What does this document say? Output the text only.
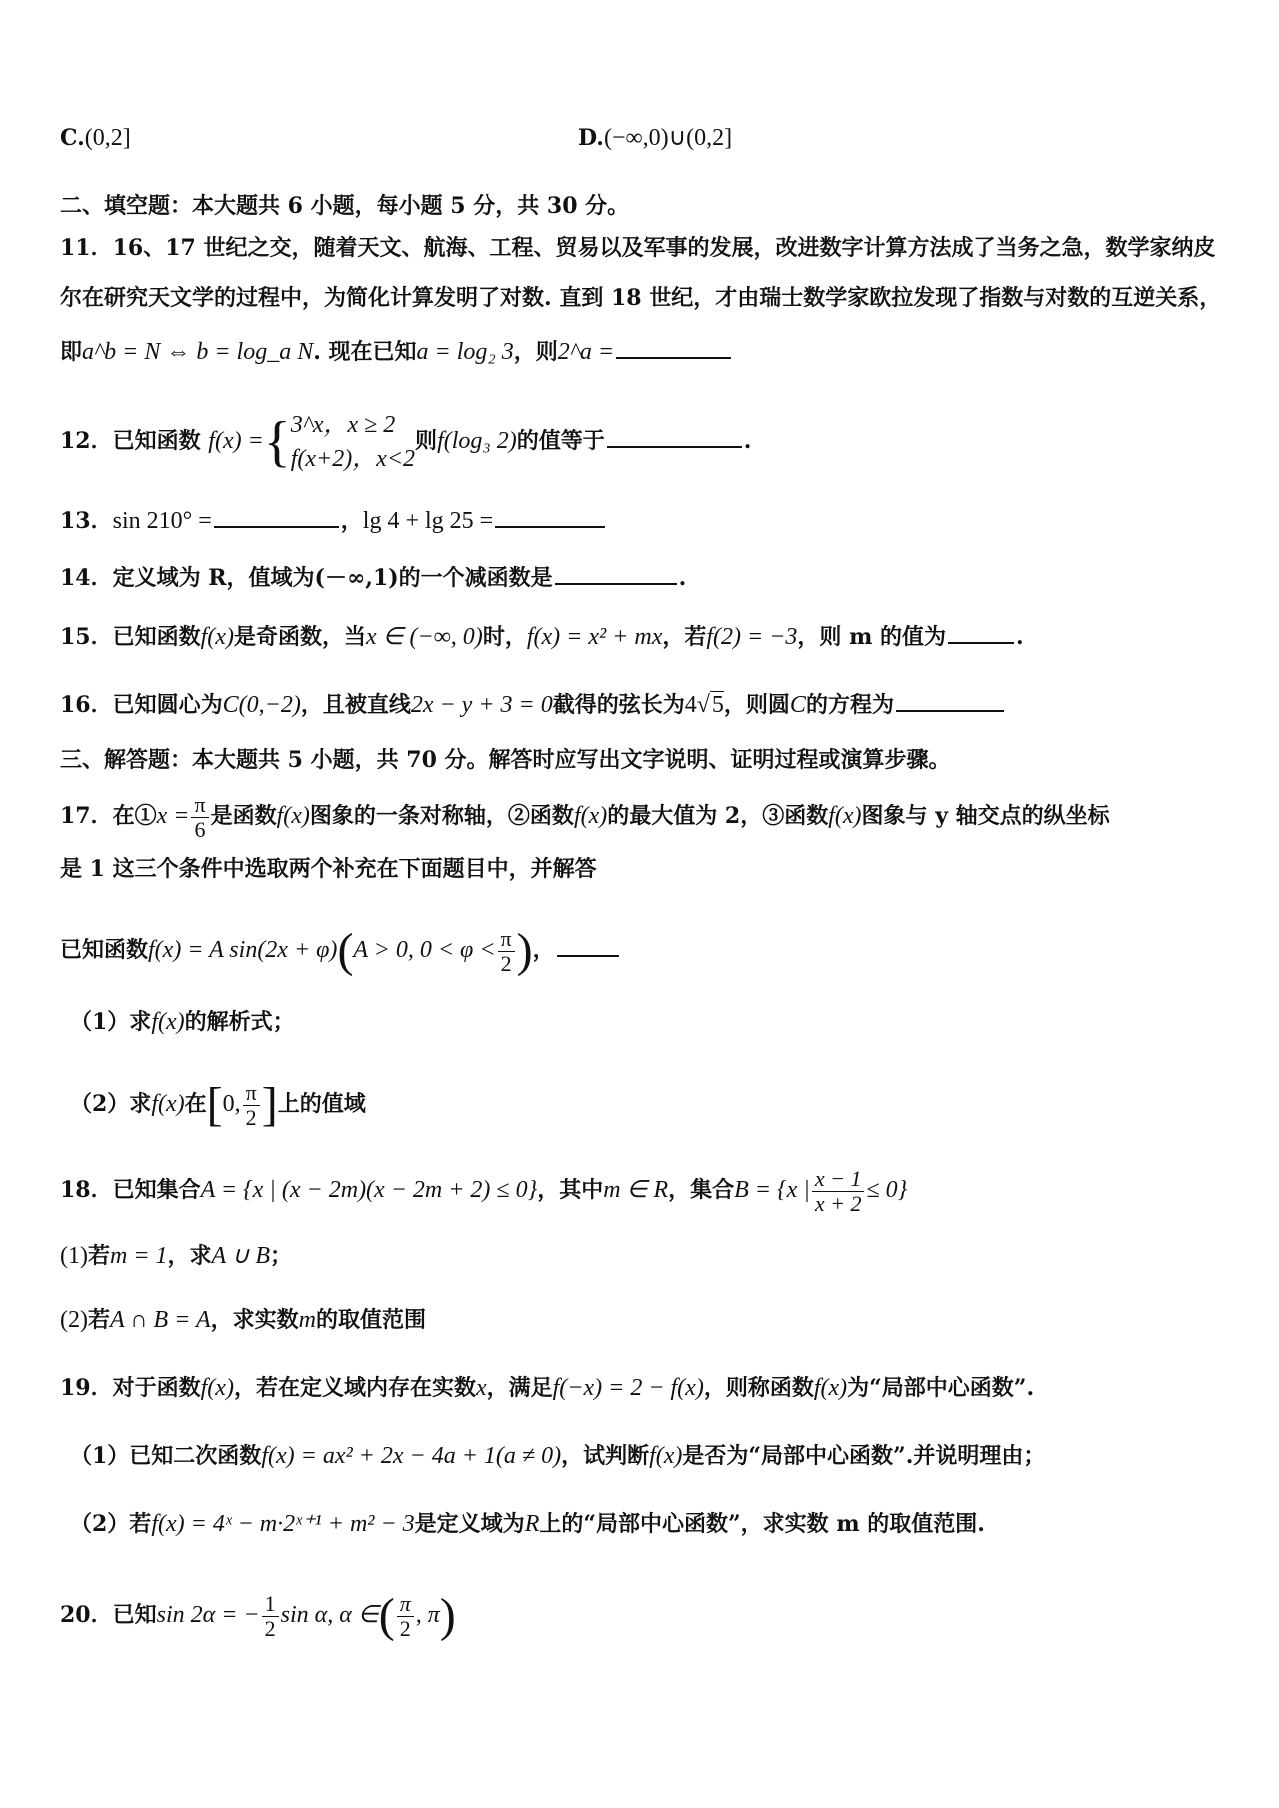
C.(0,2]	D.(−∞,0)∪(0,2]
二、填空题：本大题共 6 小题，每小题 5 分，共 30 分。
11．16、17 世纪之交，随着天文、航海、工程、贸易以及军事的发展，改进数字计算方法成了当务之急，数学家纳皮
尔在研究天文学的过程中，为简化计算发明了对数. 直到 18 世纪，才由瑞士数学家欧拉发现了指数与对数的互逆关系，
即a^b = N ⇔ b = log_a N. 现在已知a = log₂ 3，则2^a =
12．已知函数 f(x) ={ 3^x，x ≥ 2
f(x+2)，x<2
则f(log₃ 2)的值等于	.
13．sin 210° =	，lg 4 + lg 25 =
14．定义域为 R，值域为(－∞,1)的一个减函数是	.
15．已知函数f(x)是奇函数，当x ∈ (−∞, 0)时，f(x) = x² + mx，若f(2) = −3，则 m 的值为	.
16．已知圆心为C(0,−2)，且被直线2x − y + 3 = 0截得的弦长为4√5，则圆C的方程为
三、解答题：本大题共 5 小题，共 70 分。解答时应写出文字说明、证明过程或演算步骤。
17．在①x = $\frac{\pi}{6}$ 是函数f(x)图象的一条对称轴，②函数f(x)的最大值为 2，③函数f(x)图象与 y 轴交点的纵坐标
是 1 这三个条件中选取两个补充在下面题目中，并解答
已知函数f(x) = A sin(2x + φ)(A > 0, $0 < \varphi < \frac{\pi}{2}$ )，
（1）求f(x)的解析式；
（2）求f(x)在[0, $\frac{\pi}{2}$ ]上的值域
18．已知集合A = {x | (x − 2m)(x − 2m + 2) ≤ 0}，其中m ∈ R，集合B = {x | $\frac{x - 1}{x + 2} \le 0$}
(1)若m = 1，求A ∪ B；
(2)若A ∩ B = A，求实数m的取值范围
19．对于函数f(x)，若在定义域内存在实数x，满足f(−x) = 2 − f(x)，则称函数f(x)为“局部中心函数”.
（1）已知二次函数f(x) = ax² + 2x − 4a + 1(a ≠ 0)，试判断f(x)是否为“局部中心函数”.并说明理由；
（2）若f(x) = 4ˣ − m·2ˣ⁺¹ + m² − 3是定义域为R上的“局部中心函数”，求实数 m 的取值范围.
20．已知sin 2α = − $\frac{1}{2}$ sin α, α ∈( $\frac{\pi}{2}$ , π)
